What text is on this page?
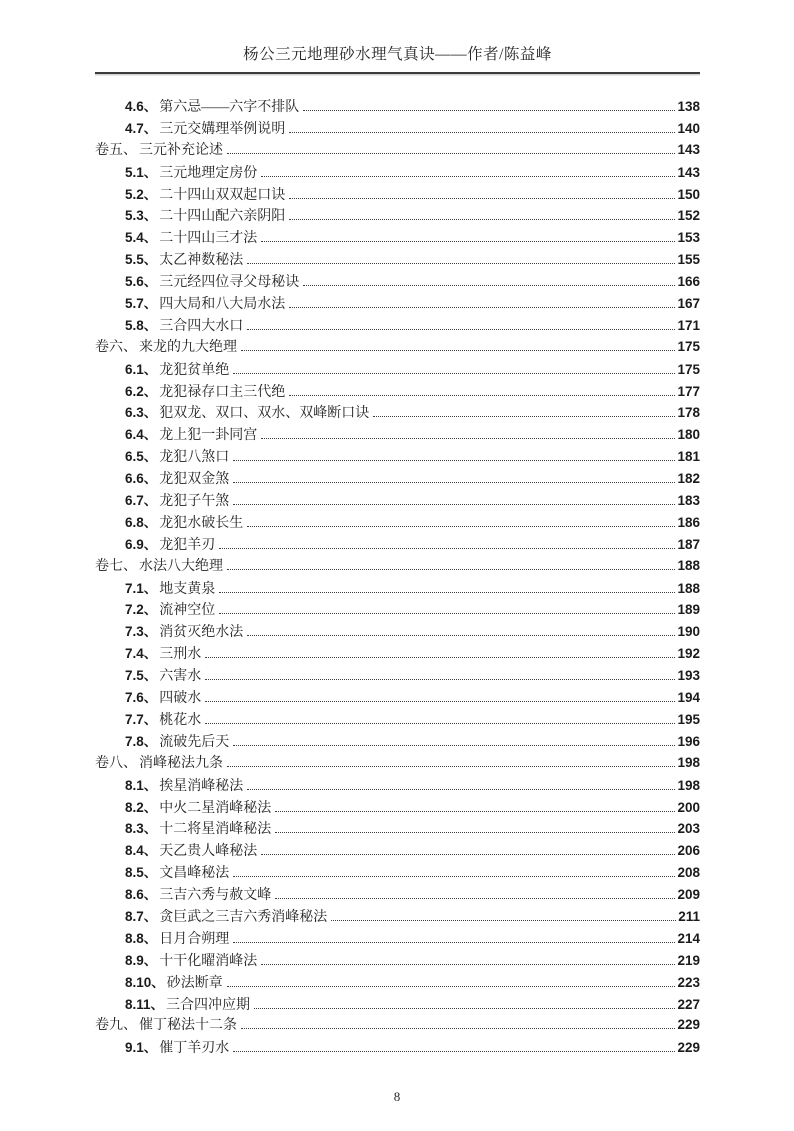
杨公三元地理砂水理气真诀——作者/陈益峰
4.6、 第六忌——六字不排队	138
4.7、 三元交媾理举例说明	140
卷五、 三元补充论述	143
5.1、 三元地理定房份	143
5.2、 二十四山双双起口诀	150
5.3、 二十四山配六亲阴阳	152
5.4、 二十四山三才法	153
5.5、 太乙神数秘法	155
5.6、 三元经四位寻父母秘诀	166
5.7、 四大局和八大局水法	167
5.8、 三合四大水口	171
卷六、 来龙的九大绝理	175
6.1、 龙犯贫单绝	175
6.2、 龙犯禄存口主三代绝	177
6.3、 犯双龙、双口、双水、双峰断口诀	178
6.4、 龙上犯一卦同宫	180
6.5、 龙犯八煞口	181
6.6、 龙犯双金煞	182
6.7、 龙犯子午煞	183
6.8、 龙犯水破长生	186
6.9、 龙犯羊刃	187
卷七、 水法八大绝理	188
7.1、 地支黄泉	188
7.2、 流神空位	189
7.3、 消贫灭绝水法	190
7.4、 三刑水	192
7.5、 六害水	193
7.6、 四破水	194
7.7、 桃花水	195
7.8、 流破先后天	196
卷八、 消峰秘法九条	198
8.1、 挨星消峰秘法	198
8.2、 中火二星消峰秘法	200
8.3、 十二将星消峰秘法	203
8.4、 天乙贵人峰秘法	206
8.5、 文昌峰秘法	208
8.6、 三吉六秀与赦文峰	209
8.7、 贪巨武之三吉六秀消峰秘法	211
8.8、 日月合朔理	214
8.9、 十干化曜消峰法	219
8.10、 砂法断章	223
8.11、 三合四冲应期	227
卷九、 催丁秘法十二条	229
9.1、 催丁羊刃水	229
8
